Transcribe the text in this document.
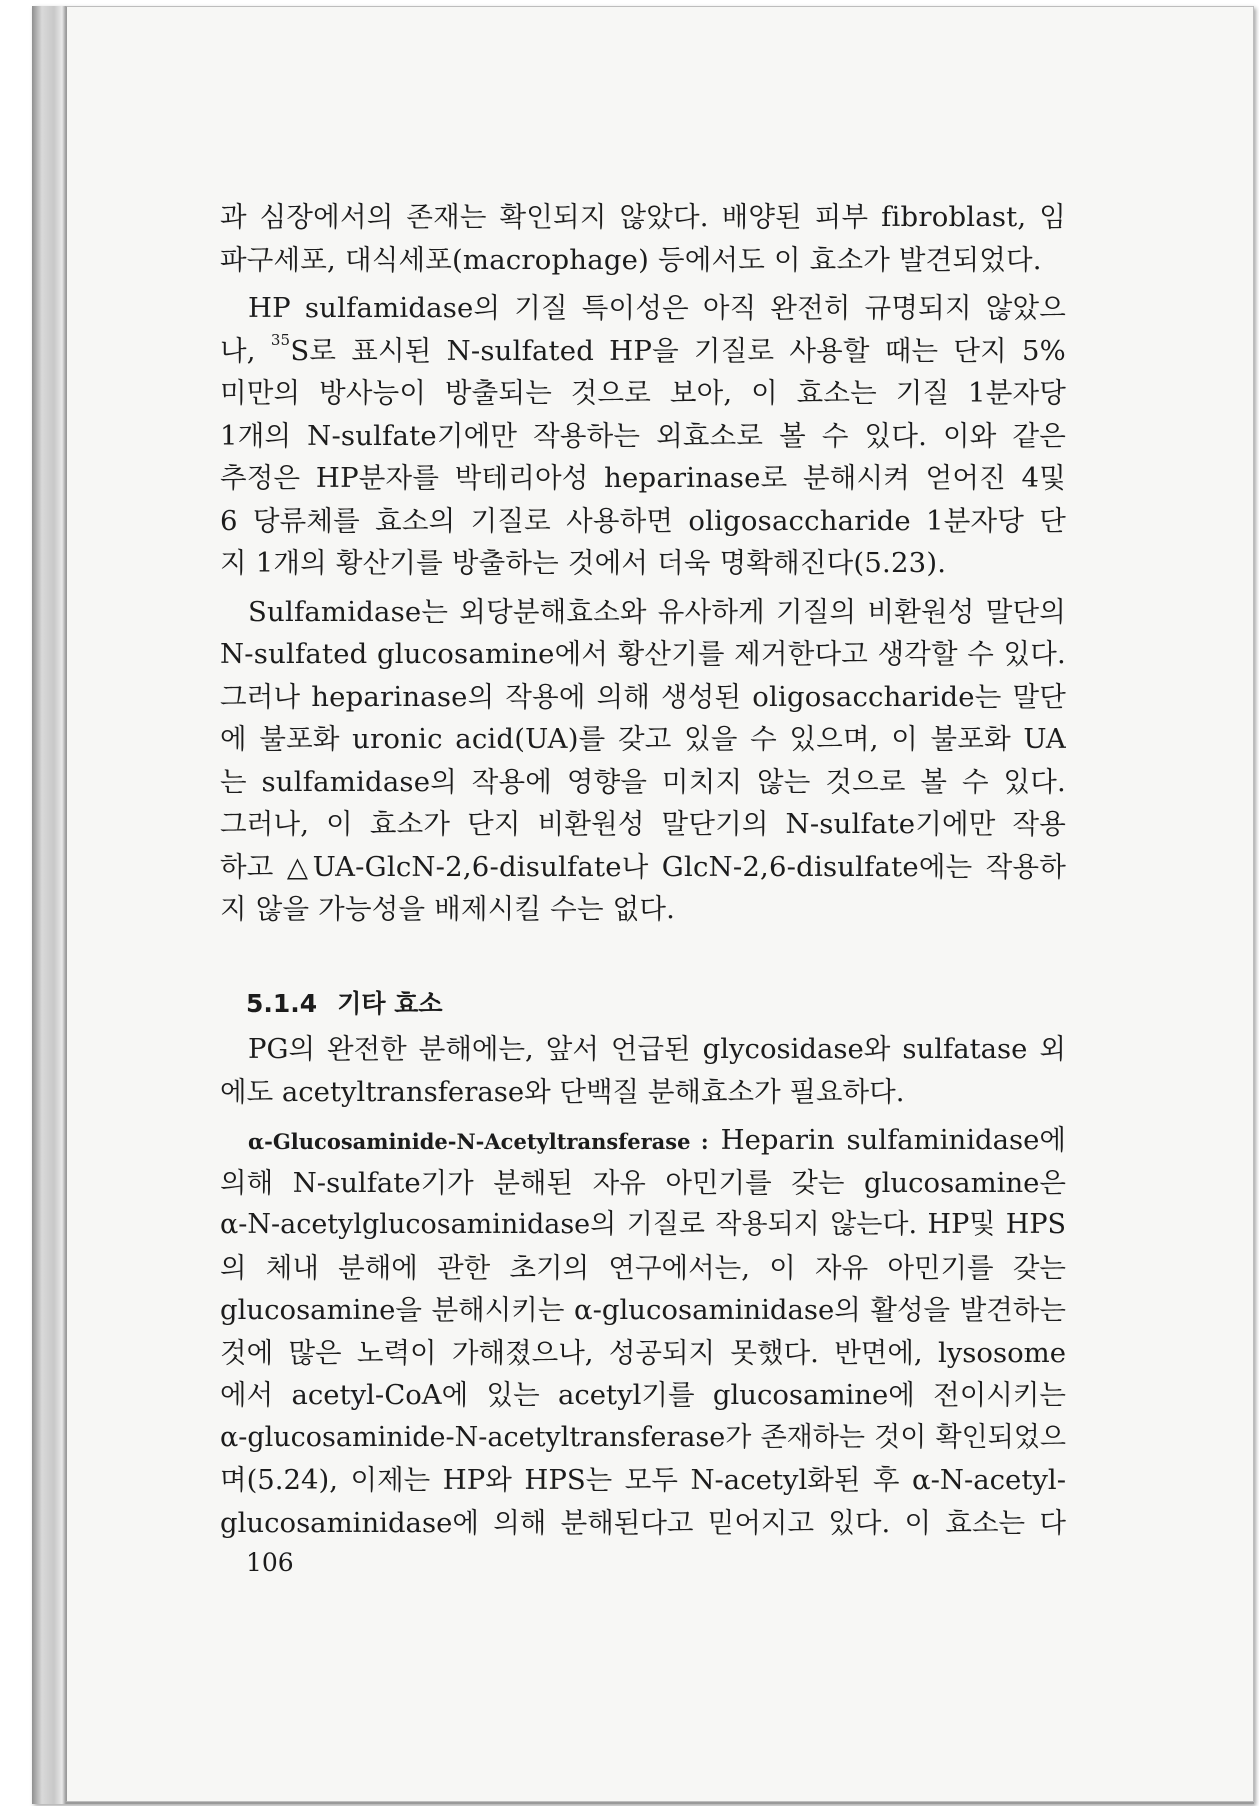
과 심장에서의 존재는 확인되지 않았다. 배양된 피부 fibroblast, 임
파구세포, 대식세포(macrophage) 등에서도 이 효소가 발견되었다.
HP sulfamidase의 기질 특이성은 아직 완전히 규명되지 않았으
나, $^{35}$S로 표시된 N-sulfated HP을 기질로 사용할 때는 단지 5%
미만의 방사능이 방출되는 것으로 보아, 이 효소는 기질 1분자당
1개의 N-sulfate기에만 작용하는 외효소로 볼 수 있다. 이와 같은
추정은 HP분자를 박테리아성 heparinase로 분해시켜 얻어진 4및
6 당류체를 효소의 기질로 사용하면 oligosaccharide 1분자당 단
지 1개의 황산기를 방출하는 것에서 더욱 명확해진다(5.23).
Sulfamidase는 외당분해효소와 유사하게 기질의 비환원성 말단의
N-sulfated glucosamine에서 황산기를 제거한다고 생각할 수 있다.
그러나 heparinase의 작용에 의해 생성된 oligosaccharide는 말단
에 불포화 uronic acid(UA)를 갖고 있을 수 있으며, 이 불포화 UA
는 sulfamidase의 작용에 영향을 미치지 않는 것으로 볼 수 있다.
그러나, 이 효소가 단지 비환원성 말단기의 N-sulfate기에만 작용
하고 △UA-GlcN-2,6-disulfate나 GlcN-2,6-disulfate에는 작용하
지 않을 가능성을 배제시킬 수는 없다.
5.1.4 기타 효소
PG의 완전한 분해에는, 앞서 언급된 glycosidase와 sulfatase 외
에도 acetyltransferase와 단백질 분해효소가 필요하다.
α-Glucosaminide-N-Acetyltransferase : Heparin sulfaminidase에
의해 N-sulfate기가 분해된 자유 아민기를 갖는 glucosamine은
α-N-acetylglucosaminidase의 기질로 작용되지 않는다. HP및 HPS
의 체내 분해에 관한 초기의 연구에서는, 이 자유 아민기를 갖는
glucosamine을 분해시키는 α-glucosaminidase의 활성을 발견하는
것에 많은 노력이 가해졌으나, 성공되지 못했다. 반면에, lysosome
에서 acetyl-CoA에 있는 acetyl기를 glucosamine에 전이시키는
α-glucosaminide-N-acetyltransferase가 존재하는 것이 확인되었으
며(5.24), 이제는 HP와 HPS는 모두 N-acetyl화된 후 α-N-acetyl-
glucosaminidase에 의해 분해된다고 믿어지고 있다. 이 효소는 다
106
